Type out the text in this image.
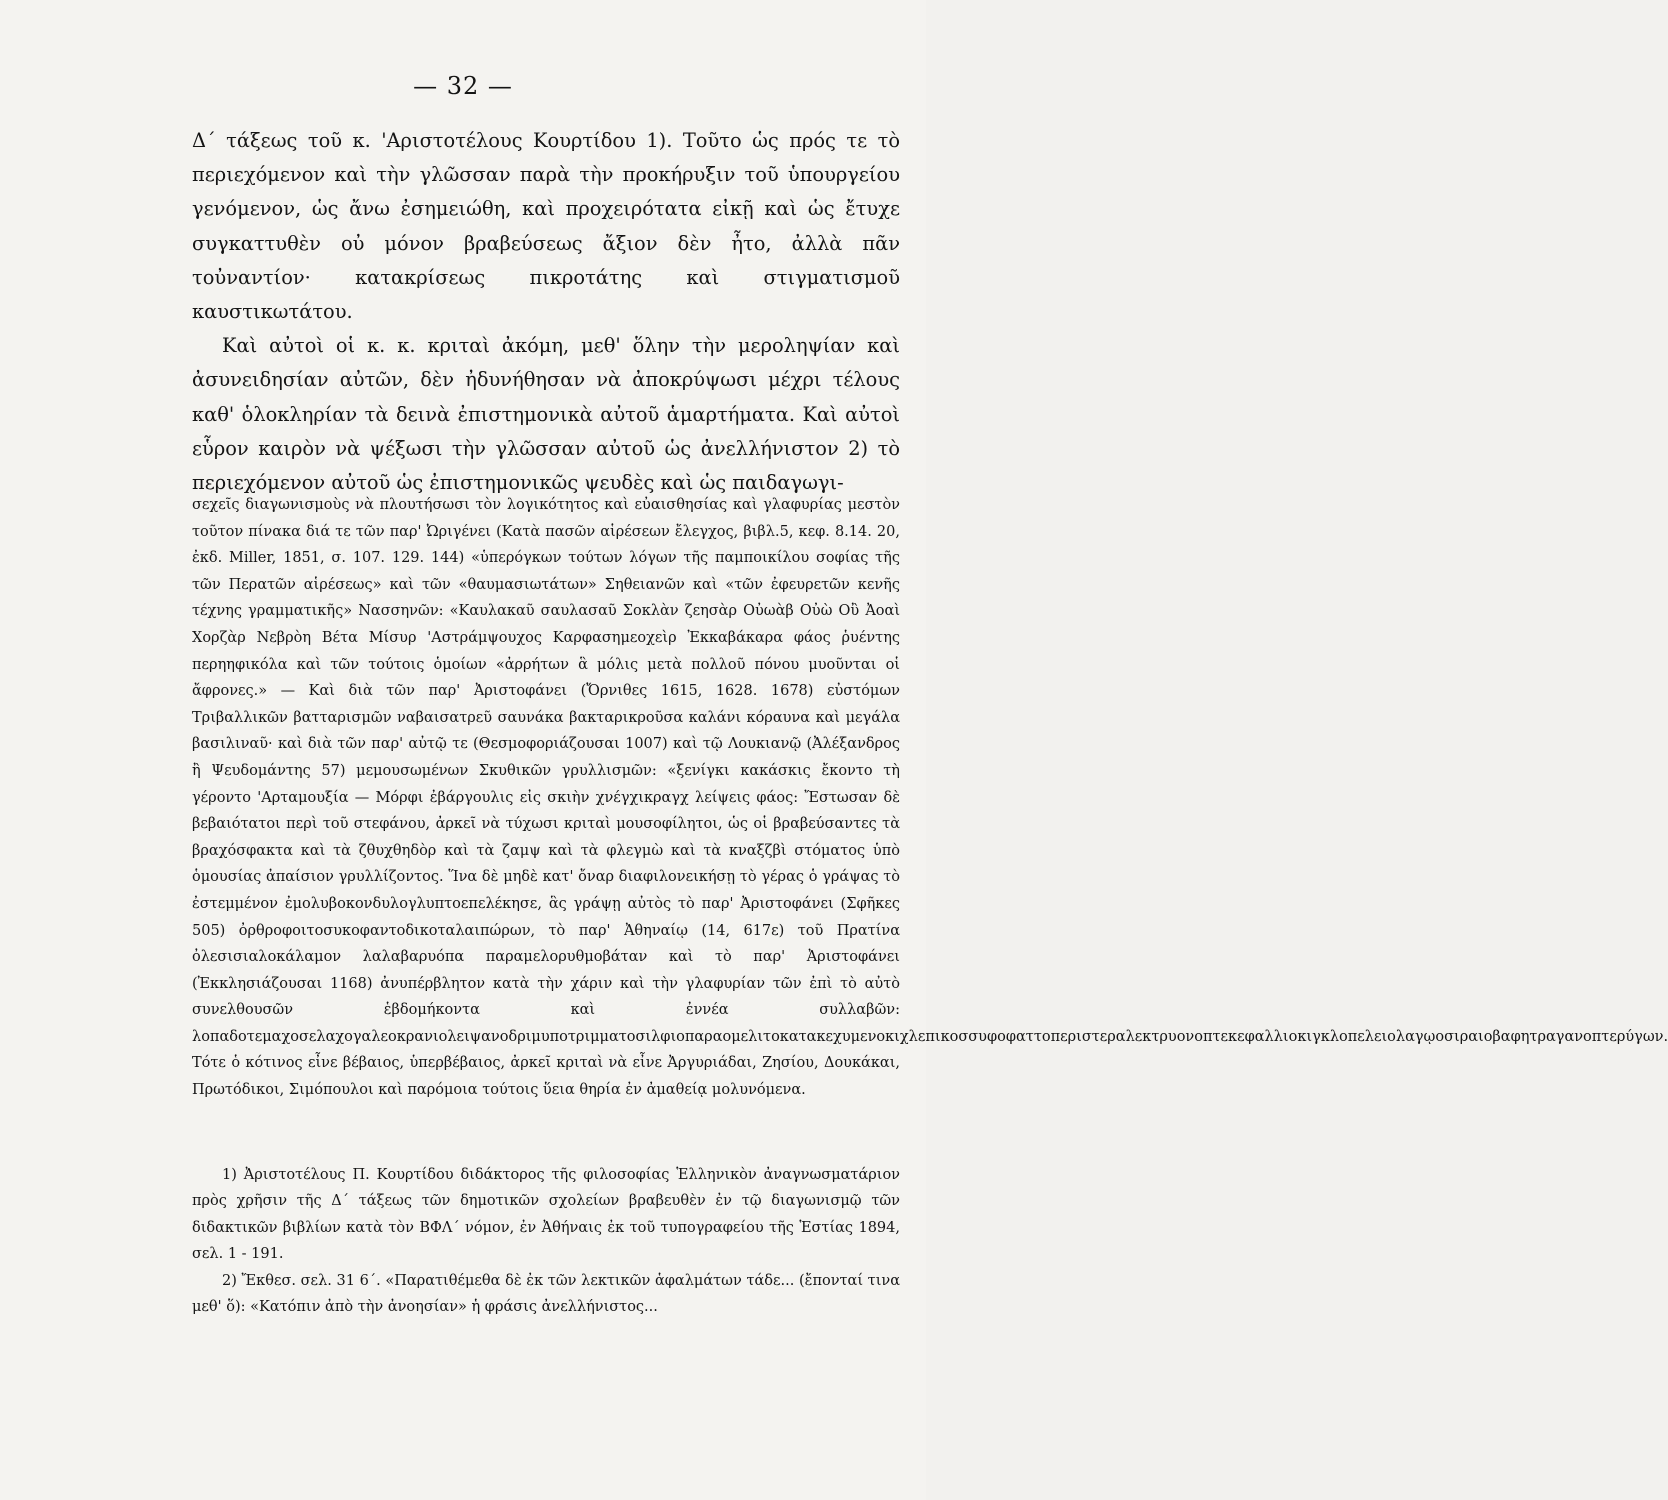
— 32 —

Δ΄ τάξεως τοῦ κ. 'Αριστοτέλους Κουρτίδου 1). Τοῦτο ὡς πρός τε τὸ περιεχόμενον καὶ τὴν γλῶσσαν παρὰ τὴν προκήρυξιν τοῦ ὑπουργείου γενόμενον, ὡς ἄνω ἐσημειώθη, καὶ προχειρότατα εἰκῇ καὶ ὡς ἔτυχε συγκαττυθὲν οὐ μόνον βραβεύσεως ἄξιον δὲν ἦτο, ἀλλὰ πᾶν τοὐναντίον· κατακρίσεως πικροτάτης καὶ στιγματισμοῦ καυστικωτάτου.

Καὶ αὐτοὶ οἱ κ. κ. κριταὶ ἀκόμη, μεθ' ὅλην τὴν μεροληψίαν καὶ ἀσυνειδησίαν αὐτῶν, δὲν ἠδυνήθησαν νὰ ἀποκρύψωσι μέχρι τέλους καθ' ὁλοκληρίαν τὰ δεινὰ ἐπιστημονικὰ αὐτοῦ ἁμαρτήματα. Καὶ αὐτοὶ εὗρον καιρὸν νὰ ψέξωσι τὴν γλῶσσαν αὐτοῦ ὡς ἀνελλήνιστον 2) τὸ περιεχόμενον αὐτοῦ ὡς ἐπιστημονικῶς ψευδὲς καὶ ὡς παιδαγωγι-

σεχεῖς διαγωνισμοὺς νὰ πλουτήσωσι τὸν λογικότητος καὶ εὐαισθησίας καὶ γλαφυρίας μεστὸν τοῦτον πίνακα διά τε τῶν παρ' Ὠριγένει (Κατὰ πασῶν αἱρέσεων ἔλεγχος, βιβλ.5, κεφ. 8.14. 20, ἐκδ. Miller, 1851, σ. 107. 129. 144) «ὑπερόγκων τούτων λόγων τῆς παμποικίλου σοφίας τῆς τῶν Περατῶν αἱρέσεως» καὶ τῶν «θαυμασιωτάτων» Σηθειανῶν καὶ «τῶν ἐφευρετῶν κενῆς τέχνης γραμματικῆς» Νασσηνῶν: «Καυλακαῦ σαυλασαῦ Σοκλὰν ζεησὰρ Οὐωὰβ Οὐὼ Οὒ Ἀοαὶ Χορζὰρ Νεβρὸη Βέτα Μίσυρ 'Αστράμψουχος Καρφασημεοχεὶρ Ἐκκαβάκαρα φάος ῥυέντης περηηφικόλα καὶ τῶν τούτοις ὁμοίων «ἀρρήτων ἃ μόλις μετὰ πολλοῦ πόνου μυοῦνται οἱ ἄφρονες.» — Καὶ διὰ τῶν παρ' Ἀριστοφάνει (Ὄρνιθες 1615, 1628. 1678) εὐστόμων Τριβαλλικῶν βατταρισμῶν ναβαισατρεῦ σαυνάκα βακταρικροῦσα καλάνι κόραυνα καὶ μεγάλα βασιλιναῦ· καὶ διὰ τῶν παρ' αὐτῷ τε (Θεσμοφοριάζουσαι 1007) καὶ τῷ Λουκιανῷ (Ἀλέξανδρος ἢ Ψευδομάντης 57) μεμουσωμένων Σκυθικῶν γρυλλισμῶν: «ξενίγκι κακάσκις ἔκοντο τὴ γέροντο 'Αρταμουξία — Μόρφι ἐβάργουλις εἰς σκιὴν χνέγχικραγχ λείψεις φάος: Ἔστωσαν δὲ βεβαιότατοι περὶ τοῦ στεφάνου, ἀρκεῖ νὰ τύχωσι κριταὶ μουσοφίλητοι, ὡς οἱ βραβεύσαντες τὰ βραχόσφακτα καὶ τὰ ζθυχθηδὸρ καὶ τὰ ζαμψ καὶ τὰ φλεγμὼ καὶ τὰ κναξζβὶ στόματος ὑπὸ ὁμουσίας ἀπαίσιον γρυλλίζοντος. Ἵνα δὲ μηδὲ κατ' ὄναρ διαφιλονεικήσῃ τὸ γέρας ὁ γράψας τὸ ἐστεμμένον ἐμολυβοκονδυλογλυπτοεπελέκησε, ἃς γράψῃ αὐτὸς τὸ παρ' Ἀριστοφάνει (Σφῆκες 505) ὀρθροφοιτοσυκοφαντοδικοταλαιπώρων, τὸ παρ' Ἀθηναίῳ (14, 617ε) τοῦ Πρατίνα ὀλεσισιαλοκάλαμον λαλαβαρυόπα παραμελορυθμοβάταν καὶ τὸ παρ' Ἀριστοφάνει (Ἐκκλησιάζουσαι 1168) ἀνυπέρβλητον κατὰ τὴν χάριν καὶ τὴν γλαφυρίαν τῶν ἐπὶ τὸ αὐτὸ συνελθουσῶν ἑβδομήκοντα καὶ ἐννέα συλλαβῶν: λοπαδοτεμαχοσελαχογαλεοκρανιολειψανοδριμυποτριμματοσιλφιοπαραομελιτοκατακεχυμενοκιχλεπικοσσυφοφαττοπεριστεραλεκτρυονοπτεκεφαλλιοκιγκλοπελειολαγῳοσιραιοβαφητραγανοπτερύγων. Τότε ὁ κότινος εἶνε βέβαιος, ὑπερβέβαιος, ἀρκεῖ κριταὶ νὰ εἶνε Ἀργυριάδαι, Ζησίου, Δουκάκαι, Πρωτόδικοι, Σιμόπουλοι καὶ παρόμοια τούτοις ὕεια θηρία ἐν ἀμαθείᾳ μολυνόμενα.

1) Ἀριστοτέλους Π. Κουρτίδου διδάκτορος τῆς φιλοσοφίας Ἑλληνικὸν ἀναγνωσματάριον πρὸς χρῆσιν τῆς Δ΄ τάξεως τῶν δημοτικῶν σχολείων βραβευθὲν ἐν τῷ διαγωνισμῷ τῶν διδακτικῶν βιβλίων κατὰ τὸν ΒΦΛ΄ νόμον, ἐν Ἀθήναις ἐκ τοῦ τυπογραφείου τῆς Ἑστίας 1894, σελ. 1 - 191.

2) Ἔκθεσ. σελ. 31 6΄. «Παρατιθέμεθα δὲ ἐκ τῶν λεκτικῶν ἁφαλμάτων τάδε... (ἔπονταί τινα μεθ' ὅ): «Κατόπιν ἀπὸ τὴν ἀνοησίαν» ἡ φράσις ἀνελλήνιστος...
